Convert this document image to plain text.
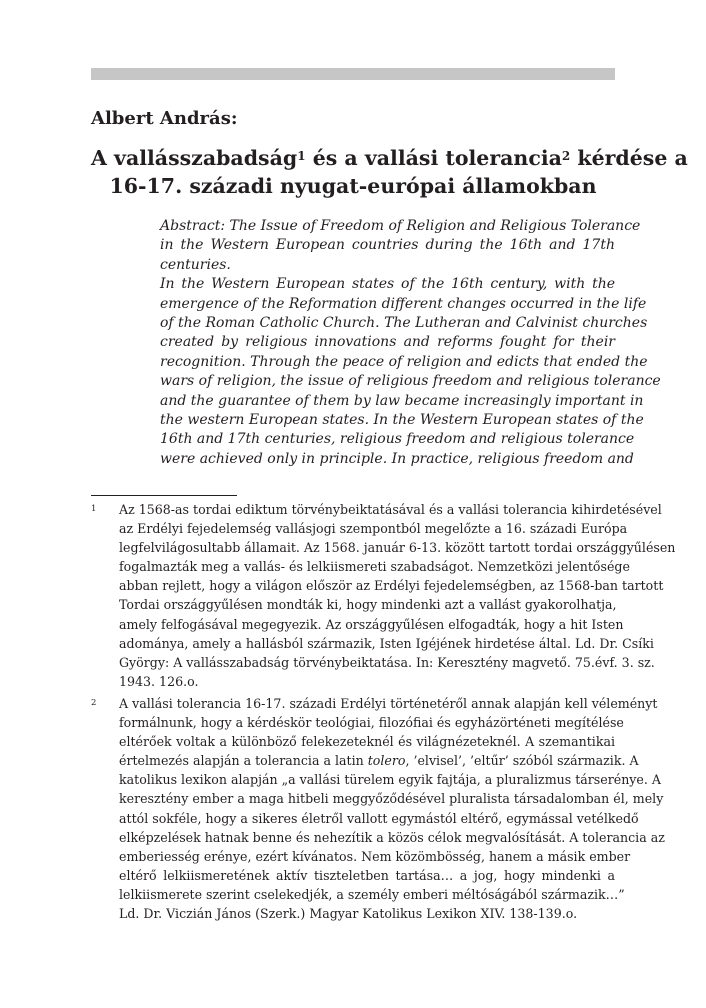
Albert András:
A vallásszabadság$^1$ és a vallási tolerancia$^2$ kérdése a
16-17. századi nyugat-európai államokban
Abstract: The Issue of Freedom of Religion and Religious Tolerance
in the Western European countries during the 16th and 17th
centuries.
In the Western European states of the 16th century, with the
emergence of the Reformation different changes occurred in the life
of the Roman Catholic Church. The Lutheran and Calvinist churches
created by religious innovations and reforms fought for their
recognition. Through the peace of religion and edicts that ended the
wars of religion, the issue of religious freedom and religious tolerance
and the guarantee of them by law became increasingly important in
the western European states. In the Western European states of the
16th and 17th centuries, religious freedom and religious tolerance
were achieved only in principle. In practice, religious freedom and
1 Az 1568-as tordai ediktum törvénybeiktatásával és a vallási tolerancia kihirdetésével
az Erdélyi fejedelemség vallásjogi szempontból megelőzte a 16. századi Európa
legfelvilágosultabb államait. Az 1568. január 6-13. között tartott tordai országgyűlésen
fogalmazták meg a vallás- és lelkiismereti szabadságot. Nemzetközi jelentősége
abban rejlett, hogy a világon először az Erdélyi fejedelemségben, az 1568-ban tartott
Tordai országgyűlésen mondták ki, hogy mindenki azt a vallást gyakorolhatja,
amely felfogásával megegyezik. Az országgyűlésen elfogadták, hogy a hit Isten
adománya, amely a hallásból származik, Isten Igéjének hirdetése által. Ld. Dr. Csíki
György: A vallásszabadság törvénybeiktatása. In: Keresztény magvető. 75.évf. 3. sz.
1943. 126.o.
2 A vallási tolerancia 16-17. századi Erdélyi történetéről annak alapján kell véleményt
formálnunk, hogy a kérdéskör teológiai, filozófiai és egyházörténeti megítélése
eltérőek voltak a különböző felekezeteknél és világnézeteknél. A szemantikai
értelmezés alapján a tolerancia a latin tolero, ’elvisel’, ’eltűr’ szóból származik. A
katolikus lexikon alapján „a vallási türelem egyik fajtája, a pluralizmus társerénye. A
keresztény ember a maga hitbeli meggyőződésével pluralista társadalomban él, mely
attól sokféle, hogy a sikeres életről vallott egymástól eltérő, egymással vetélkedő
elképzelések hatnak benne és nehezítik a közös célok megvalósítását. A tolerancia az
emberiesség erénye, ezért kívánatos. Nem közömbösség, hanem a másik ember
eltérő lelkiismeretének aktív tiszteletben tartása… a jog, hogy mindenki a
lelkiismerete szerint cselekedjék, a személy emberi méltóságából származik…”
Ld. Dr. Viczián János (Szerk.) Magyar Katolikus Lexikon XIV. 138-139.o.
